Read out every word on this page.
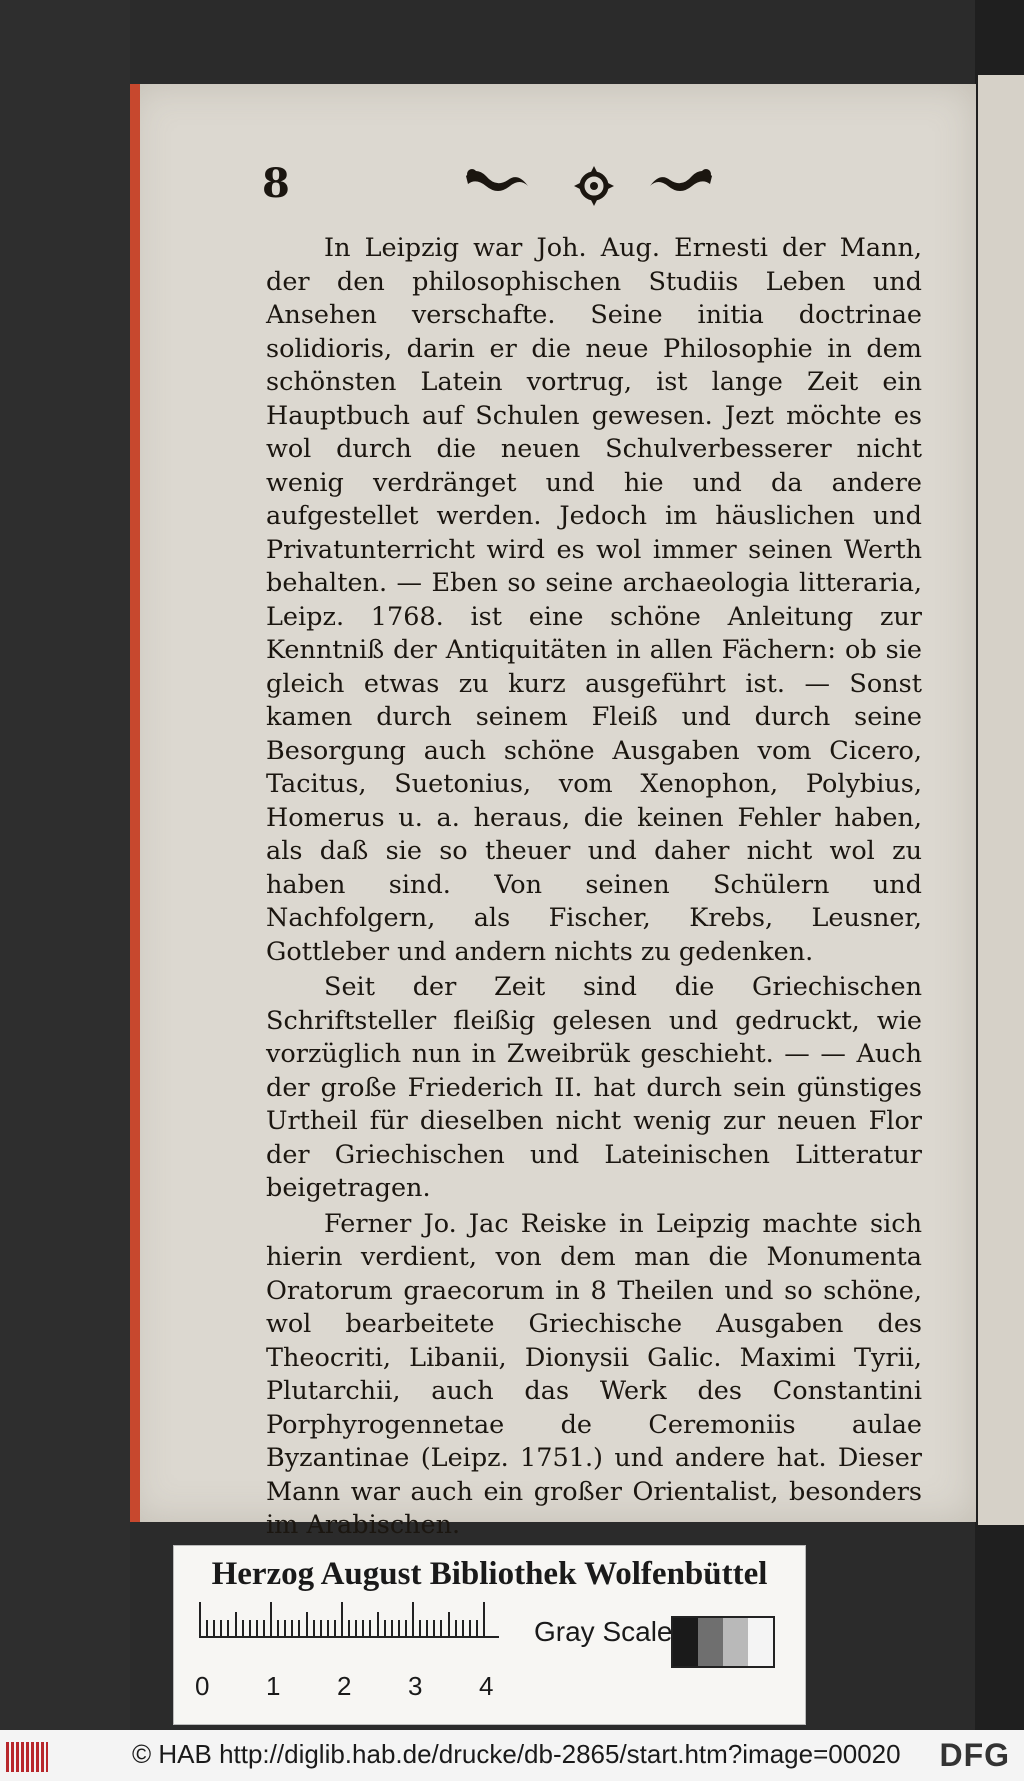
8

In Leipzig war Joh. Aug. Ernesti der Mann, der den philosophischen Studiis Leben und Ansehen verschafte. Seine initia doctrinae solidioris, darin er die neue Philosophie in dem schönsten Latein vortrug, ist lange Zeit ein Hauptbuch auf Schulen gewesen. Jezt möchte es wol durch die neuen Schulverbesserer nicht wenig verdränget und hie und da andere aufgestellet werden. Jedoch im häuslichen und Privatunterricht wird es wol immer seinen Werth behalten. — Eben so seine archaeologia litteraria, Leipz. 1768. ist eine schöne Anleitung zur Kenntniß der Antiquitäten in allen Fächern: ob sie gleich etwas zu kurz ausgeführt ist. — Sonst kamen durch seinem Fleiß und durch seine Besorgung auch schöne Ausgaben vom Cicero, Tacitus, Suetonius, vom Xenophon, Polybius, Homerus u. a. heraus, die keinen Fehler haben, als daß sie so theuer und daher nicht wol zu haben sind. Von seinen Schülern und Nachfolgern, als Fischer, Krebs, Leusner, Gottleber und andern nichts zu gedenken.

Seit der Zeit sind die Griechischen Schriftsteller fleißig gelesen und gedruckt, wie vorzüglich nun in Zweibrük geschieht. — — Auch der große Friederich II. hat durch sein günstiges Urtheil für dieselben nicht wenig zur neuen Flor der Griechischen und Lateinischen Litteratur beigetragen.

Ferner Jo. Jac Reiske in Leipzig machte sich hierin verdient, von dem man die Monumenta Oratorum graecorum in 8 Theilen und so schöne, wol bearbeitete Griechische Ausgaben des Theocriti, Libanii, Dionysii Galic. Maximi Tyrii, Plutarchii, auch das Werk des Constantini Porphyrogennetae de Ceremoniis aulae Byzantinae (Leipz. 1751.) und andere hat. Dieser Mann war auch ein großer Orientalist, besonders im Arabischen.

Herzog August Bibliothek Wolfenbüttel
0 1 2 3 4
Gray Scale
© HAB http://diglib.hab.de/drucke/db-2865/start.htm?image=00020 DFG
